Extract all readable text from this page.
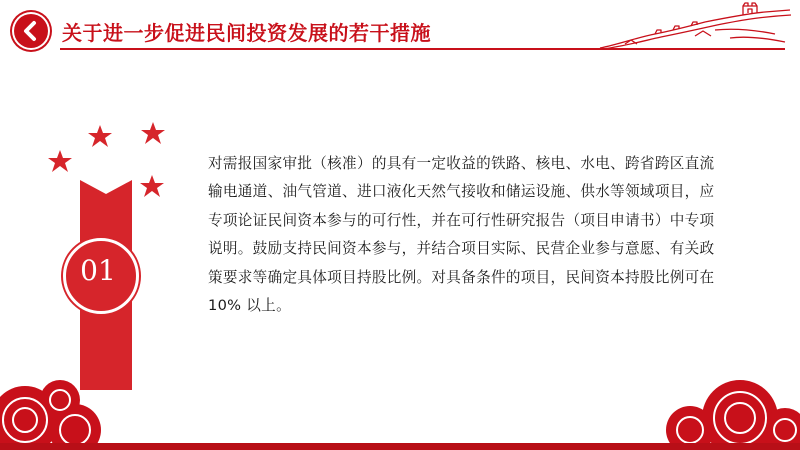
关于进一步促进民间投资发展的若干措施
01
对需报国家审批（核准）的具有一定收益的铁路、核电、水电、跨省跨区直流输电通道、油气管道、进口液化天然气接收和储运设施、供水等领域项目，应专项论证民间资本参与的可行性，并在可行性研究报告（项目申请书）中专项说明。鼓励支持民间资本参与，并结合项目实际、民营企业参与意愿、有关政策要求等确定具体项目持股比例。对具备条件的项目，民间资本持股比例可在 10% 以上。
